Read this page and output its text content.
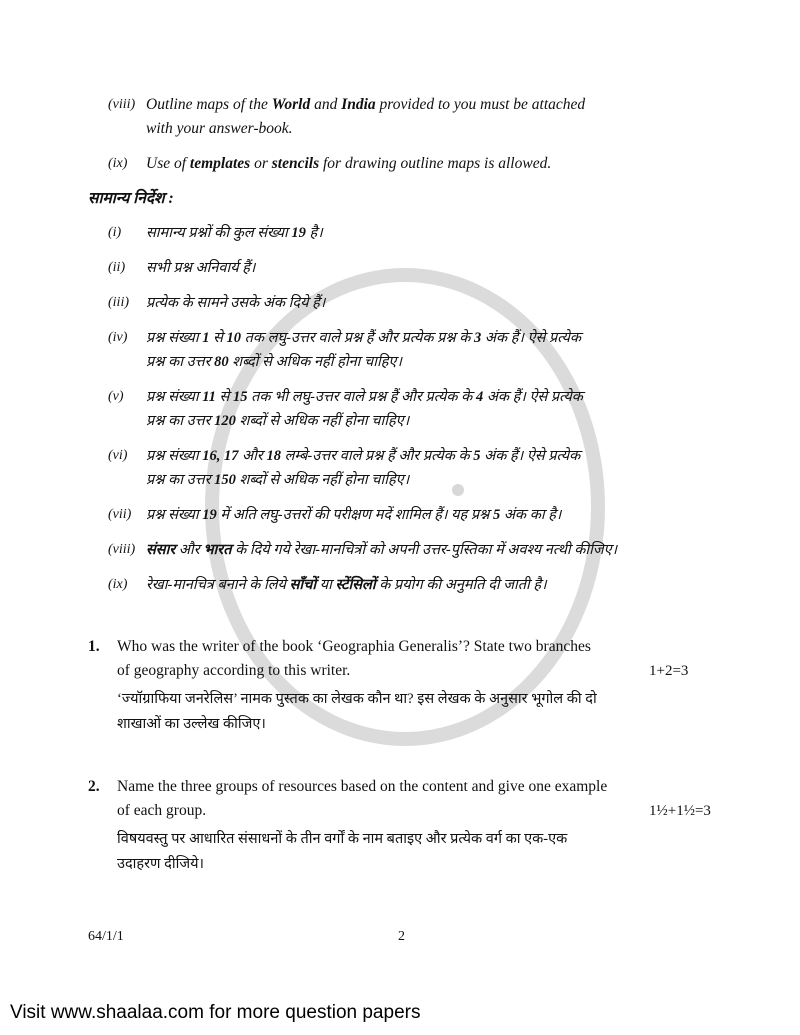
(viii) Outline maps of the World and India provided to you must be attached
with your answer-book.
(ix)	Use of templates or stencils for drawing outline maps is allowed.
सामान्य निर्देश :
(i)	सामान्य प्रश्नों की कुल संख्या 19 है।
(ii)	सभी प्रश्न अनिवार्य हैं।
(iii)	प्रत्येक के सामने उसके अंक दिये हैं।
(iv)	प्रश्न संख्या 1 से 10 तक लघु-उत्तर वाले प्रश्न हैं और प्रत्येक प्रश्न के 3 अंक हैं। ऐसे प्रत्येक
प्रश्न का उत्तर 80 शब्दों से अधिक नहीं होना चाहिए।
(v)	प्रश्न संख्या 11 से 15 तक भी लघु-उत्तर वाले प्रश्न हैं और प्रत्येक के 4 अंक हैं। ऐसे प्रत्येक
प्रश्न का उत्तर 120 शब्दों से अधिक नहीं होना चाहिए।
(vi)	प्रश्न संख्या 16, 17 और 18 लम्बे-उत्तर वाले प्रश्न हैं और प्रत्येक के 5 अंक हैं। ऐसे प्रत्येक
प्रश्न का उत्तर 150 शब्दों से अधिक नहीं होना चाहिए।
(vii)	प्रश्न संख्या 19 में अति लघु-उत्तरों की परीक्षण मदें शामिल हैं। यह प्रश्न 5 अंक का है।
(viii) संसार और भारत के दिये गये रेखा-मानचित्रों को अपनी उत्तर-पुस्तिका में अवश्य नत्थी कीजिए।
(ix)	रेखा-मानचित्र बनाने के लिये साँचों या स्टेंसिलों के प्रयोग की अनुमति दी जाती है।
1.	Who was the writer of the book ‘Geographia Generalis’? State two branches
of geography according to this writer.	1+2=3
‘ज्यॉग्राफिया जनरेलिस’ नामक पुस्तक का लेखक कौन था? इस लेखक के अनुसार भूगोल की दो
शाखाओं का उल्लेख कीजिए।
2.	Name the three groups of resources based on the content and give one example
of each group.	1½+1½=3
विषयवस्तु पर आधारित संसाधनों के तीन वर्गों के नाम बताइए और प्रत्येक वर्ग का एक-एक
उदाहरण दीजिये।
64/1/1	2
Visit www.shaalaa.com for more question papers
